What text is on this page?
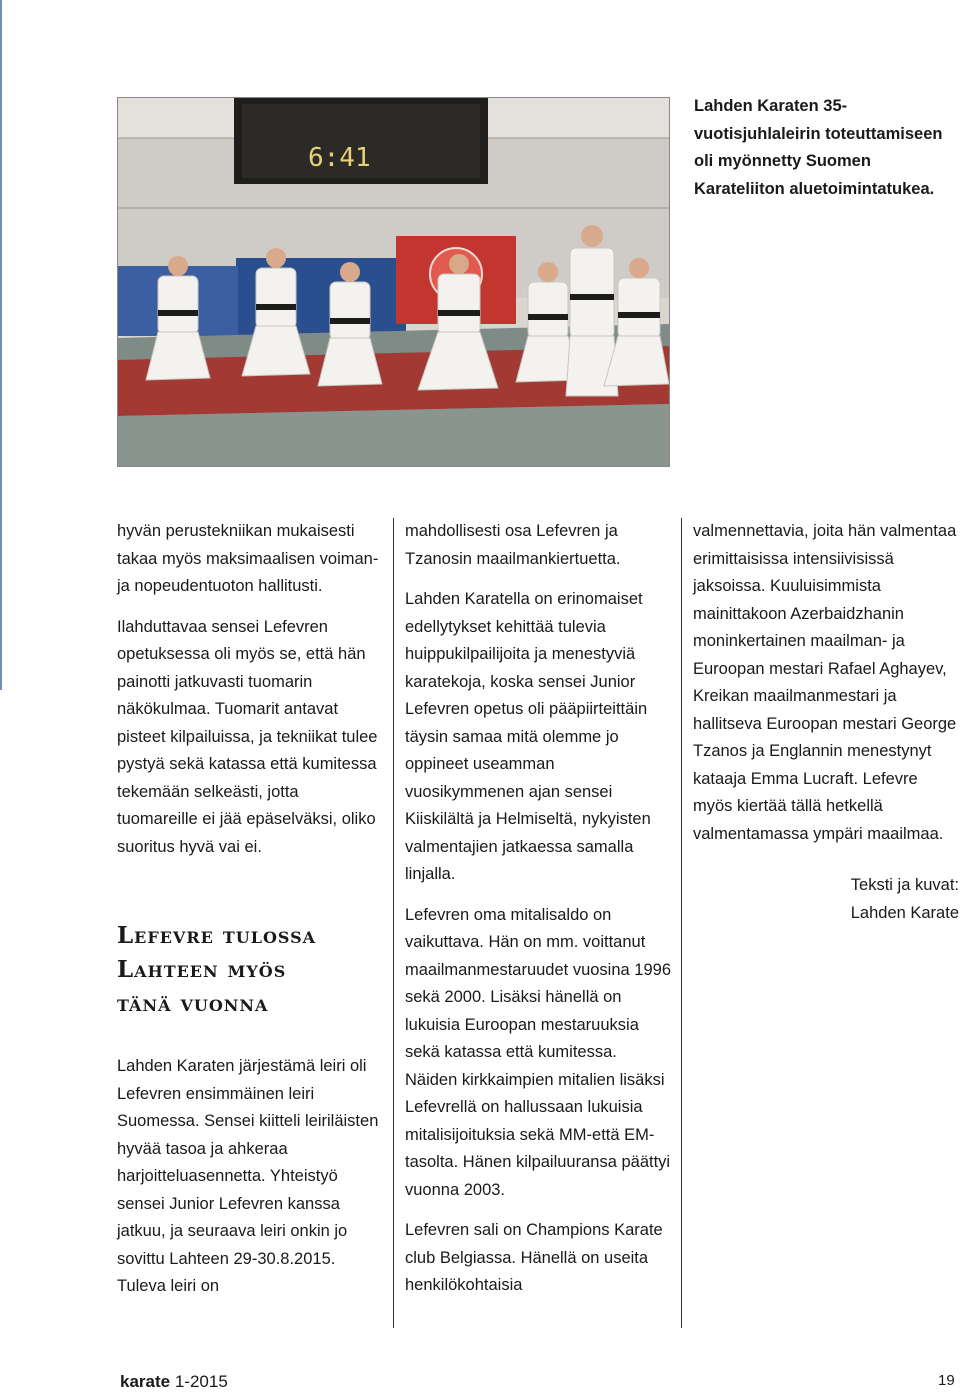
6:41
Lahden Karaten 35-vuotisjuhlaleirin toteuttamiseen oli myönnetty Suomen Karateliiton aluetoimintatukea.

hyvän perustekniikan mukaisesti takaa myös maksimaalisen voiman- ja nopeudentuoton hallitusti.

Ilahduttavaa sensei Lefevren opetuksessa oli myös se, että hän painotti jatkuvasti tuomarin näkökulmaa. Tuomarit antavat pisteet kilpailuissa, ja tekniikat tulee pystyä sekä katassa että kumitessa tekemään selkeästi, jotta tuomareille ei jää epäselväksi, oliko suoritus hyvä vai ei.

Lefevre tulossa
Lahteen myös
tänä vuonna

Lahden Karaten järjestämä leiri oli Lefevren ensimmäinen leiri Suomessa. Sensei kiitteli leiriläisten hyvää tasoa ja ahkeraa harjoitteluasennetta. Yhteistyö sensei Junior Lefevren kanssa jatkuu, ja seuraava leiri onkin jo sovittu Lahteen 29-30.8.2015. Tuleva leiri on

mahdollisesti osa Lefevren ja Tzanosin maailmankiertuetta.

Lahden Karatella on erinomaiset edellytykset kehittää tulevia huippukilpailijoita ja menestyviä karatekoja, koska sensei Junior Lefevren opetus oli pääpiirteittäin täysin samaa mitä olemme jo oppineet useamman vuosikymmenen ajan sensei Kiiskilältä ja Helmiseltä, nykyisten valmentajien jatkaessa samalla linjalla.

Lefevren oma mitalisaldo on vaikuttava. Hän on mm. voittanut maailmanmestaruudet vuosina 1996 sekä 2000. Lisäksi hänellä on lukuisia Euroopan mestaruuksia sekä katassa että kumitessa. Näiden kirkkaimpien mitalien lisäksi Lefevrellä on hallussaan lukuisia mitalisijoituksia sekä MM-että EM-tasolta. Hänen kilpailuuransa päättyi vuonna 2003.

Lefevren sali on Champions Karate club Belgiassa. Hänellä on useita henkilökohtaisia

valmennettavia, joita hän valmentaa erimittaisissa intensiivisissä jaksoissa. Kuuluisimmista mainittakoon Azerbaidzhanin moninkertainen maailman- ja Euroopan mestari Rafael Aghayev, Kreikan maailmanmestari ja hallitseva Euroopan mestari George Tzanos ja Englannin menestynyt kataaja Emma Lucraft. Lefevre myös kiertää tällä hetkellä valmentamassa ympäri maailmaa.

Teksti ja kuvat:
Lahden Karate
karate 1-2015	19
